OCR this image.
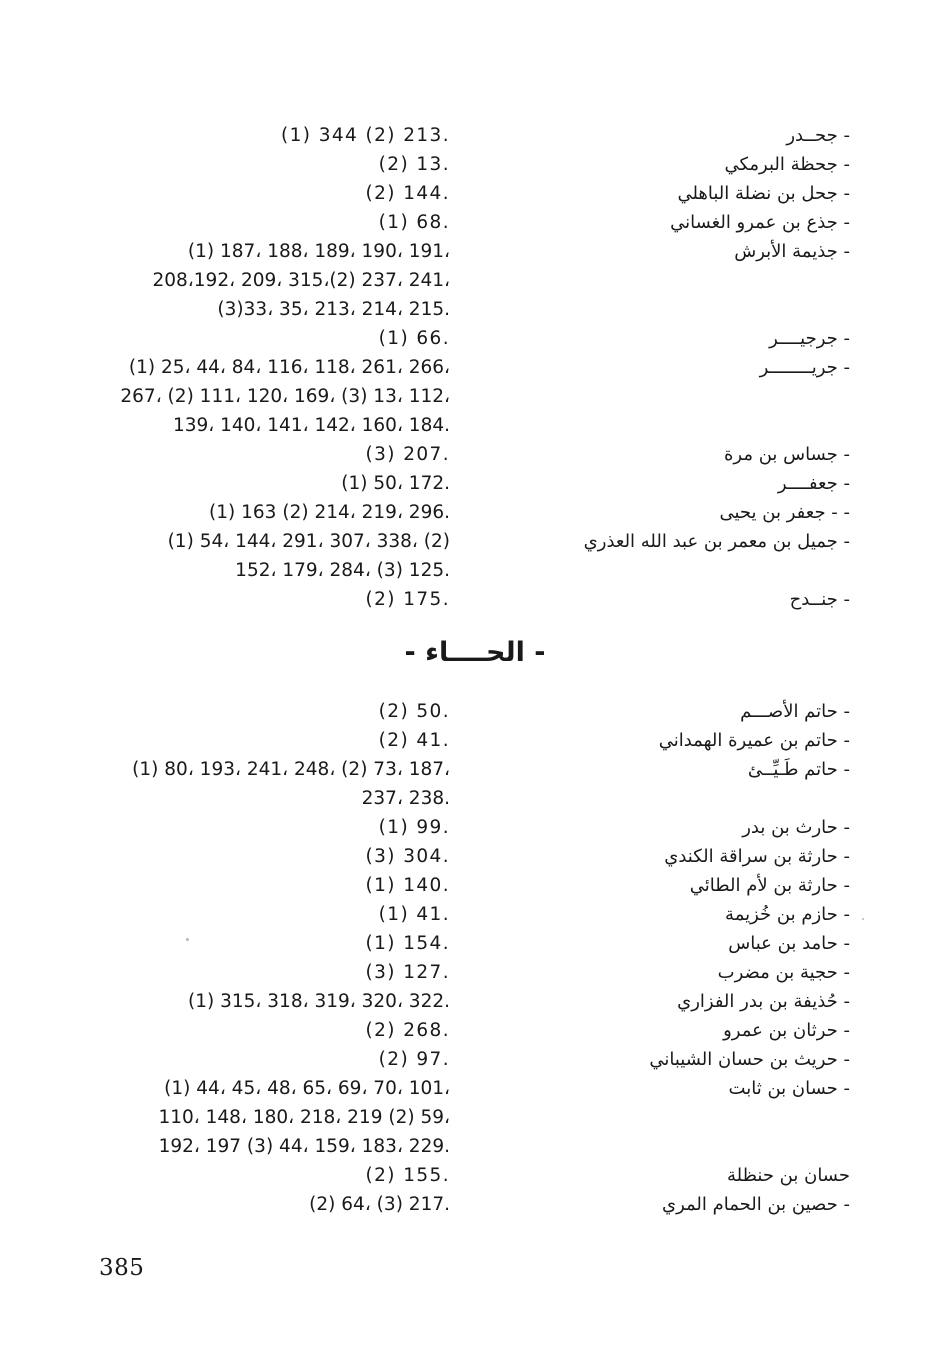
- جحــدر
.213 (2) 344 (1)
- جحظة البرمكي
.13 (2)
- جحل بن نضلة الباهلي
.144 (2)
- جذع بن عمرو الغساني
.68 (1)
- جذيمة الأبرش
،191 ،190 ،189 ،188 ،187 (1)
،241 ،237 (2)،315 ،209 ،208،192
.215 ،214 ،213 ،35 ،33(3)
- جرجيــــر
.66 (1)
- جريــــــــر
،266 ،261 ،118 ،116 ،84 ،44 ،25 (1)
،112 ،13 (3) ،169 ،120 ،111 (2) ،267
.184 ،160 ،142 ،141 ،140 ،139
- جساس بن مرة
.207 (3)
- جعفــــر
.172 ،50 (1)
- - جعفر بن يحيى
.296 ،219 ،214 (2) 163 (1)
- جميل بن معمر بن عبد الله العذري
(2) ،338 ،307 ،291 ،144 ،54 (1)
.125 (3) ،284 ،179 ،152
- جنــدح
.175 (2)
- حاتم الأصـــم
.50 (2)
- حاتم بن عميرة الهمداني
.41 (2)
- حاتم طَـيِّــئ
،187 ،73 (2) ،248 ،241 ،193 ،80 (1)
.238 ،237
- حارث بن بدر
.99 (1)
- حارثة بن سراقة الكندي
.304 (3)
- حارثة بن لأم الطائي
.140 (1)
- حازم بن خُزيمة
.41 (1)
- حامد بن عباس
.154 (1)
- حجية بن مضرب
.127 (3)
- حُذيفة بن بدر الفزاري
.322 ،320 ،319 ،318 ،315 (1)
- حرثان بن عمرو
.268 (2)
- حريث بن حسان الشيباني
.97 (2)
- حسان بن ثابت
،101 ،70 ،69 ،65 ،48 ،45 ،44 (1)
،59 (2) 219 ،218 ،180 ،148 ،110
.229 ،183 ،159 ،44 (3) 197 ،192
حسان بن حنظلة
.155 (2)
- حصين بن الحمام المري
.217 (3) ،64 (2)
- الحــــاء -
385
